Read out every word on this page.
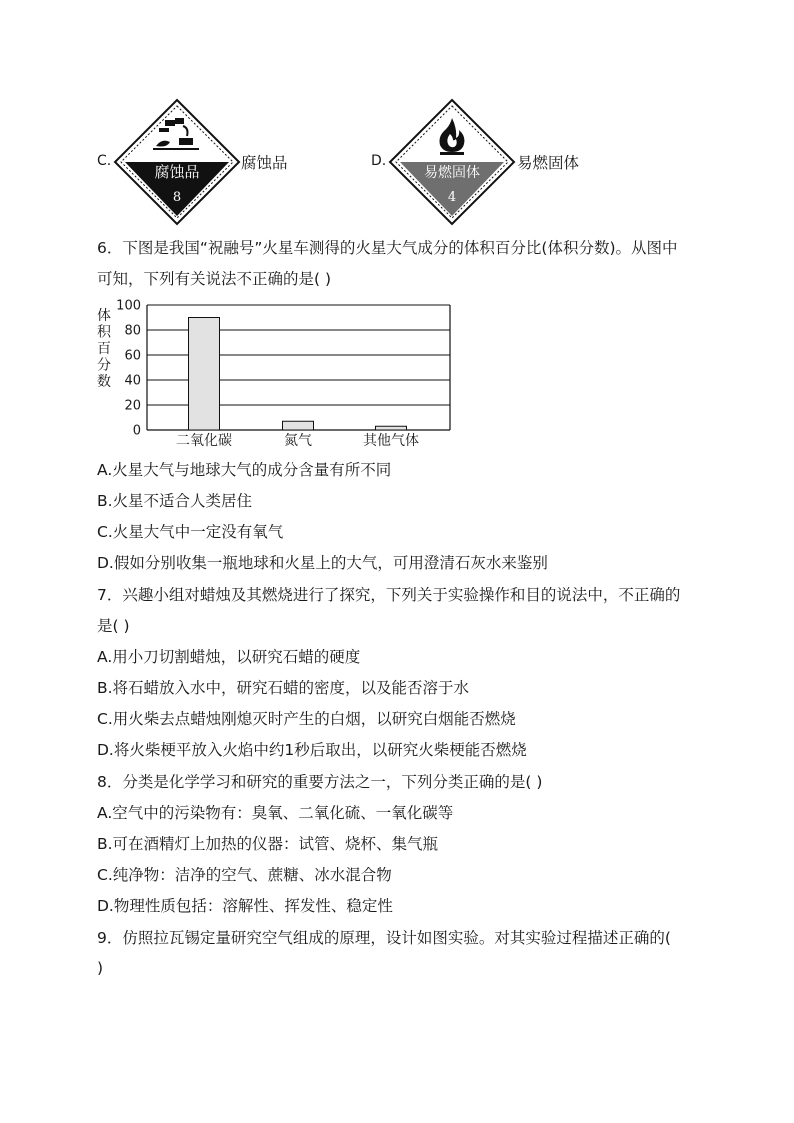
C.
腐蚀品
8
腐蚀品	D.
易燃固体
4
易燃固体
6．下图是我国“祝融号”火星车测得的火星大气成分的体积百分比(体积分数)。从图中
可知，下列有关说法不正确的是( )
体
积
百
分
数
0
20
40
60
80
100
二氧化碳	氮气	其他气体
A.火星大气与地球大气的成分含量有所不同
B.火星不适合人类居住
C.火星大气中一定没有氧气
D.假如分别收集一瓶地球和火星上的大气，可用澄清石灰水来鉴别
7．兴趣小组对蜡烛及其燃烧进行了探究，下列关于实验操作和目的说法中，不正确的
是( )
A.用小刀切割蜡烛，以研究石蜡的硬度
B.将石蜡放入水中，研究石蜡的密度，以及能否溶于水
C.用火柴去点蜡烛刚熄灭时产生的白烟，以研究白烟能否燃烧
D.将火柴梗平放入火焰中约1秒后取出，以研究火柴梗能否燃烧
8．分类是化学学习和研究的重要方法之一，下列分类正确的是( )
A.空气中的污染物有：臭氧、二氧化硫、一氧化碳等
B.可在酒精灯上加热的仪器：试管、烧杯、集气瓶
C.纯净物：洁净的空气、蔗糖、冰水混合物
D.物理性质包括：溶解性、挥发性、稳定性
9．仿照拉瓦锡定量研究空气组成的原理，设计如图实验。对其实验过程描述正确的(
)
